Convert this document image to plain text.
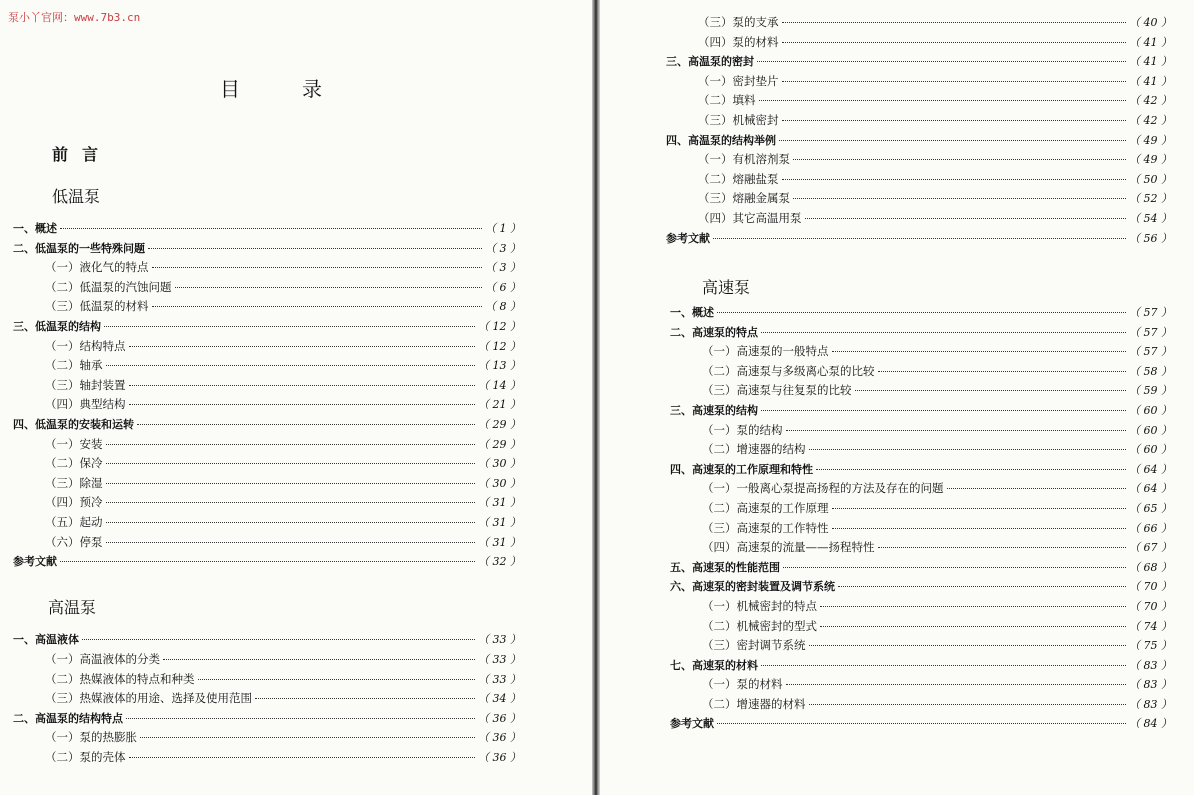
泵小丫官网：www.7b3.cn
目录
前言
低温泵
高温泵
一、概述	（ 1 ）
二、低温泵的一些特殊问题	（ 3 ）
（一）液化气的特点	（ 3 ）
（二）低温泵的汽蚀问题	（ 6 ）
（三）低温泵的材料	（ 8 ）
三、低温泵的结构	（ 12 ）
（一）结构特点	（ 12 ）
（二）轴承	（ 13 ）
（三）轴封装置	（ 14 ）
（四）典型结构	（ 21 ）
四、低温泵的安装和运转	（ 29 ）
（一）安装	（ 29 ）
（二）保冷	（ 30 ）
（三）除湿	（ 30 ）
（四）预冷	（ 31 ）
（五）起动	（ 31 ）
（六）停泵	（ 31 ）
参考文献	（ 32 ）
一、高温液体	（ 33 ）
（一）高温液体的分类	（ 33 ）
（二）热媒液体的特点和种类	（ 33 ）
（三）热媒液体的用途、选择及使用范围	（ 34 ）
二、高温泵的结构特点	（ 36 ）
（一）泵的热膨胀	（ 36 ）
（二）泵的壳体	（ 36 ）
（三）泵的支承	（ 40 ）
（四）泵的材料	（ 41 ）
三、高温泵的密封	（ 41 ）
（一）密封垫片	（ 41 ）
（二）填料	（ 42 ）
（三）机械密封	（ 42 ）
四、高温泵的结构举例	（ 49 ）
（一）有机溶剂泵	（ 49 ）
（二）熔融盐泵	（ 50 ）
（三）熔融金属泵	（ 52 ）
（四）其它高温用泵	（ 54 ）
参考文献	（ 56 ）
高速泵
一、概述	（ 57 ）
二、高速泵的特点	（ 57 ）
（一）高速泵的一般特点	（ 57 ）
（二）高速泵与多级离心泵的比较	（ 58 ）
（三）高速泵与往复泵的比较	（ 59 ）
三、高速泵的结构	（ 60 ）
（一）泵的结构	（ 60 ）
（二）增速器的结构	（ 60 ）
四、高速泵的工作原理和特性	（ 64 ）
（一）一般离心泵提高扬程的方法及存在的问题	（ 64 ）
（二）高速泵的工作原理	（ 65 ）
（三）高速泵的工作特性	（ 66 ）
（四）高速泵的流量——扬程特性	（ 67 ）
五、高速泵的性能范围	（ 68 ）
六、高速泵的密封装置及调节系统	（ 70 ）
（一）机械密封的特点	（ 70 ）
（二）机械密封的型式	（ 74 ）
（三）密封调节系统	（ 75 ）
七、高速泵的材料	（ 83 ）
（一）泵的材料	（ 83 ）
（二）增速器的材料	（ 83 ）
参考文献	（ 84 ）
